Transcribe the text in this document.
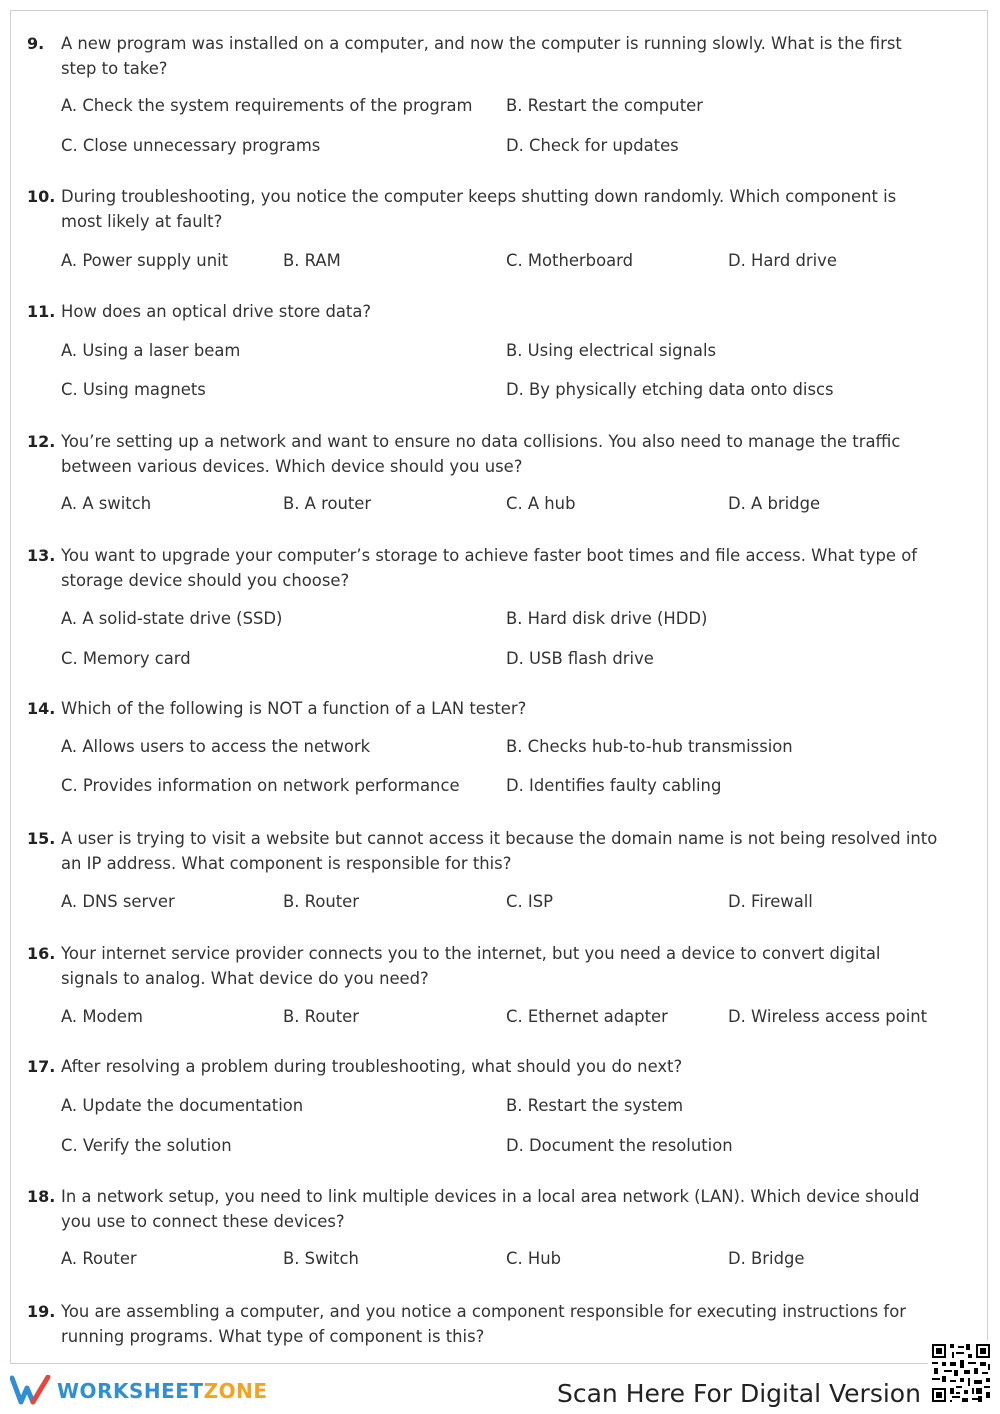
9.	A new program was installed on a computer, and now the computer is running slowly. What is the first step to take?
A. Check the system requirements of the program B. Restart the computer
C. Close unnecessary programs	D. Check for updates
10. During troubleshooting, you notice the computer keeps shutting down randomly. Which component is most likely at fault?
A. Power supply unit	B. RAM	C. Motherboard	D. Hard drive
11. How does an optical drive store data?
A. Using a laser beam	B. Using electrical signals
C. Using magnets	D. By physically etching data onto discs
12. You’re setting up a network and want to ensure no data collisions. You also need to manage the traffic between various devices. Which device should you use?
A. A switch	B. A router	C. A hub	D. A bridge
13. You want to upgrade your computer’s storage to achieve faster boot times and file access. What type of storage device should you choose?
A. A solid-state drive (SSD)	B. Hard disk drive (HDD)
C. Memory card	D. USB flash drive
14. Which of the following is NOT a function of a LAN tester?
A. Allows users to access the network	B. Checks hub-to-hub transmission
C. Provides information on network performance	D. Identifies faulty cabling
15. A user is trying to visit a website but cannot access it because the domain name is not being resolved into an IP address. What component is responsible for this?
A. DNS server	B. Router	C. ISP	D. Firewall
16. Your internet service provider connects you to the internet, but you need a device to convert digital signals to analog. What device do you need?
A. Modem	B. Router	C. Ethernet adapter	D. Wireless access point
17. After resolving a problem during troubleshooting, what should you do next?
A. Update the documentation	B. Restart the system
C. Verify the solution	D. Document the resolution
18. In a network setup, you need to link multiple devices in a local area network (LAN). Which device should you use to connect these devices?
A. Router	B. Switch	C. Hub	D. Bridge
19. You are assembling a computer, and you notice a component responsible for executing instructions for running programs. What type of component is this?
WORKSHEETZONE	Scan Here For Digital Version
